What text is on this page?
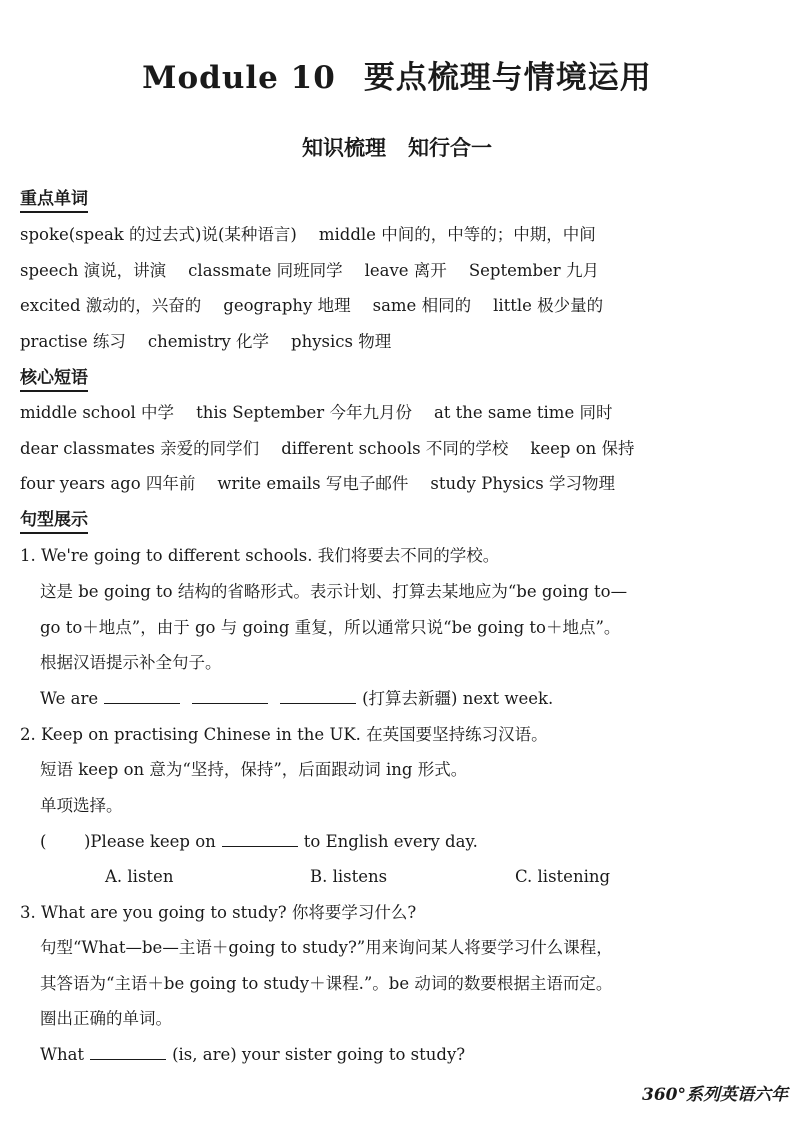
Module 10 要点梳理与情境运用
知识梳理 知行合一
重点单词
spoke(speak 的过去式)说(某种语言) middle 中间的，中等的；中期，中间
speech 演说，讲演 classmate 同班同学 leave 离开 September 九月
excited 激动的，兴奋的 geography 地理 same 相同的 little 极少量的
practise 练习 chemistry 化学 physics 物理
核心短语
middle school 中学 this September 今年九月份 at the same time 同时
dear classmates 亲爱的同学们 different schools 不同的学校 keep on 保持
four years ago 四年前 write emails 写电子邮件 study Physics 学习物理
句型展示
1. We're going to different schools. 我们将要去不同的学校。
这是 be going to 结构的省略形式。表示计划、打算去某地应为“be going to—
go to＋地点”，由于 go 与 going 重复，所以通常只说“be going to＋地点”。
根据汉语提示补全句子。
We are	(打算去新疆) next week.
2. Keep on practising Chinese in the UK. 在英国要坚持练习汉语。
短语 keep on 意为“坚持，保持”，后面跟动词 ing 形式。
单项选择。
( )Please keep on	to English every day.
A. listen	B. listens	C. listening
3. What are you going to study? 你将要学习什么?
句型“What—be—主语＋going to study?”用来询问某人将要学习什么课程，
其答语为“主语＋be going to study＋课程.”。be 动词的数要根据主语而定。
圈出正确的单词。
What	(is, are) your sister going to study?
360°系列英语六年
